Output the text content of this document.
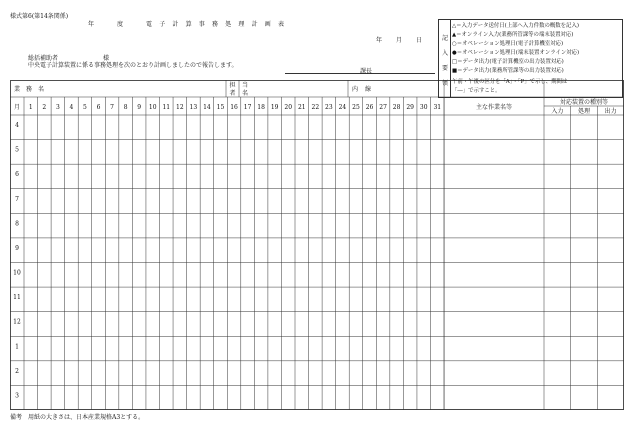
様式第6(第14条関係)
年	度	電子計算事務処理計画表
年 月 日
総括補助者	様
中央電子計算装置に係る事務処理を次のとおり計画しましたので報告します。
課長
記
入
要
領
△＝入力データ送付日(上部へ入力件数の概数を記入)
▲＝オンライン入力(業務所管課等の端末装置対応)
○＝オペレーション処理日(電子計算機室対応)
●＝オペレーション処理日(端末装置オンライン対応)
□＝データ出力(電子計算機室の出力装置対応)
■＝データ出力(業務所管課等の出力装置対応)
午前・午後の区分を「A」・「P」で示し、期間は
「―」で示すこと。
業 務 名
担 当
者 名
内 線
月 1 2 3 4 5 6 7 8 9 10 11 12 13 14 15 16 17 18 19 20 21 22 23 24 25 26 27 28 29 30 31	主な作業名等
対応装置の種別等
入力 処理 出力
4
5
6
7
8
9
10
11
12
1
2
3
備考　用紙の大きさは、日本産業規格A3とする。
